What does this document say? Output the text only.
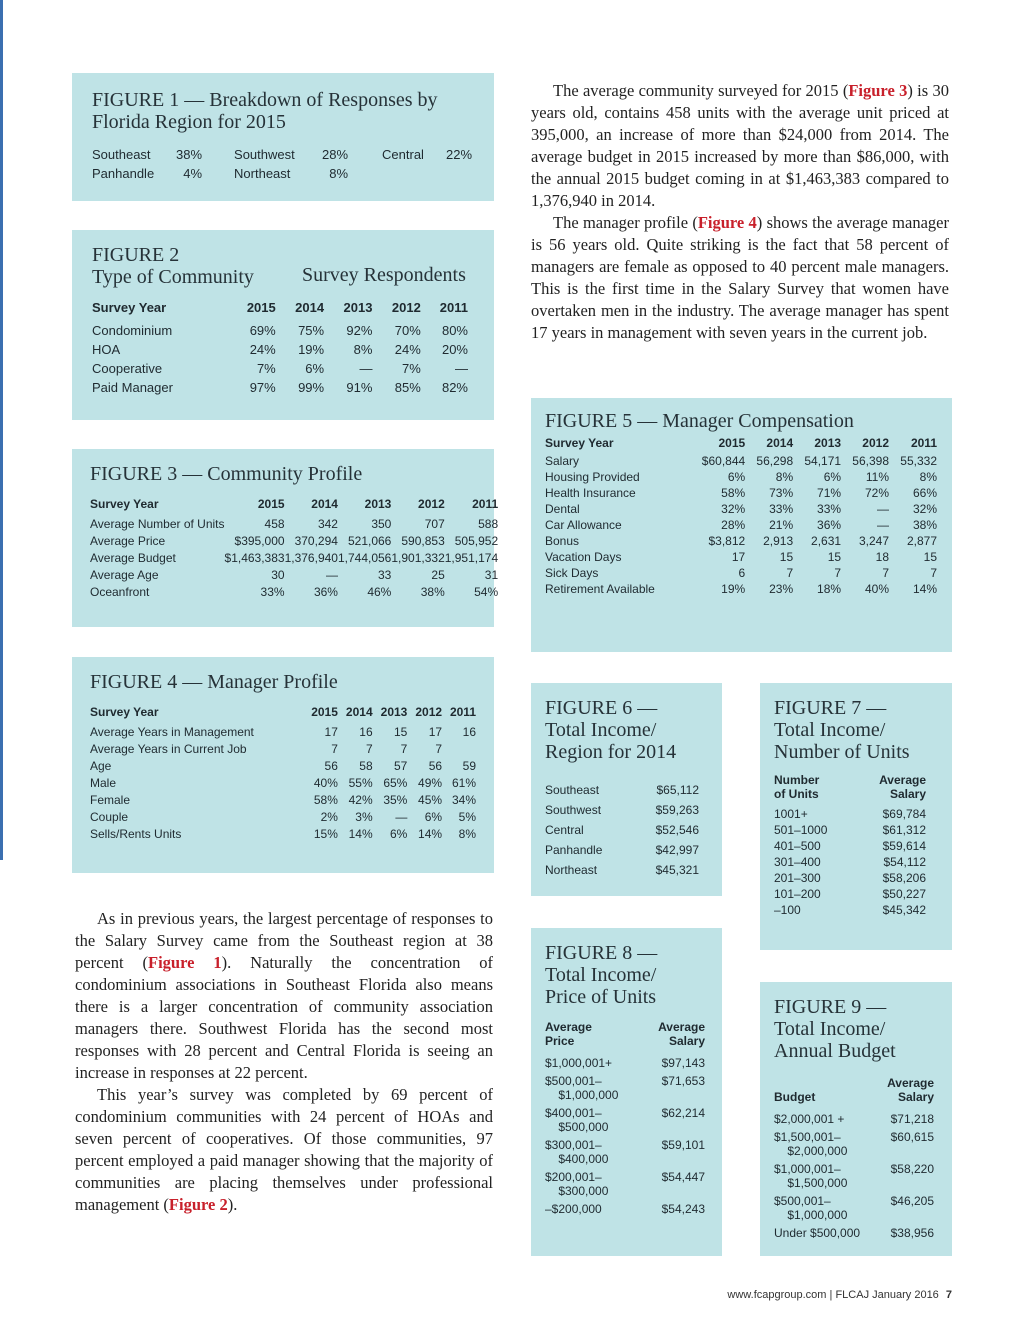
FIGURE 1 — Breakdown of Responses by
Florida Region for 2015
Southeast	38%		Southwest	28%		Central	22%
Panhandle	4%		Northeast	8%			
FIGURE 2
Type of Community Survey Respondents
Survey Year	2015	2014	2013	2012	2011
Condominium	69%	75%	92%	70%	80%
HOA	24%	19%	8%	24%	20%
Cooperative	7%	6%	—	7%	—
Paid Manager	97%	99%	91%	85%	82%
FIGURE 3 — Community Profile
Survey Year	2015	2014	2013	2012	2011
Average Number of Units	458	342	350	707	588
Average Price	$395,000	370,294	521,066	590,853	505,952
Average Budget	$1,463,383	1,376,940	1,744,056	1,901,332	1,951,174
Average Age	30	—	33	25	31
Oceanfront	33%	36%	46%	38%	54%
FIGURE 4 — Manager Profile
Survey Year	2015	2014	2013	2012	2011
Average Years in Management	17	16	15	17	16
Average Years in Current Job	7	7	7	7	
Age	56	58	57	56	59
Male	40%	55%	65%	49%	61%
Female	58%	42%	35%	45%	34%
Couple	2%	3%	—	6%	5%
Sells/Rents Units	15%	14%	6%	14%	8%

The average community surveyed for 2015 (Figure 3) is 30 years old, contains 458 units with the average unit priced at 395,000, an increase of more than $24,000 from 2014. The average budget in 2015 increased by more than $86,000, with the annual 2015 budget coming in at $1,463,383 compared to 1,376,940 in 2014.

The manager profile (Figure 4) shows the average manager is 56 years old. Quite striking is the fact that 58 percent of managers are female as opposed to 40 percent male managers. This is the first time in the Salary Survey that women have overtaken men in the industry. The average manager has spent 17 years in management with seven years in the current job.

FIGURE 5 — Manager Compensation
Survey Year	2015	2014	2013	2012	2011
Salary	$60,844	56,298	54,171	56,398	55,332
Housing Provided	6%	8%	6%	11%	8%
Health Insurance	58%	73%	71%	72%	66%
Dental	32%	33%	33%	—	32%
Car Allowance	28%	21%	36%	—	38%
Bonus	$3,812	2,913	2,631	3,247	2,877
Vacation Days	17	15	15	18	15
Sick Days	6	7	7	7	7
Retirement Available	19%	23%	18%	40%	14%
FIGURE 6 —
Total Income/
Region for 2014
Southeast	$65,112
Southwest	$59,263
Central	$52,546
Panhandle	$42,997
Northeast	$45,321
FIGURE 7 —
Total Income/
Number of Units
Number
of Units	Average
Salary
1001+	$69,784
501–1000	$61,312
401–500	$59,614
301–400	$54,112
201–300	$58,206
101–200	$50,227
–100	$45,342
FIGURE 8 —
Total Income/
Price of Units
Average
Price	Average
Salary
$1,000,001+	$97,143
$500,001–
$1,000,000	$71,653
$400,001–
$500,000	$62,214
$300,001–
$400,000	$59,101
$200,001–
$300,000	$54,447
–$200,000	$54,243
FIGURE 9 —
Total Income/
Annual Budget
Budget	Average Salary
$2,000,001 +	$71,218
$1,500,001–
$2,000,000	$60,615
$1,000,001–
$1,500,000	$58,220
$500,001–
$1,000,000	$46,205
Under $500,000	$38,956

As in previous years, the largest percentage of responses to the Salary Survey came from the Southeast region at 38 percent (Figure 1). Naturally the concentration of condominium associations in Southeast Florida also means there is a larger concentration of community association managers there. Southwest Florida has the second most responses with 28 percent and Central Florida is seeing an increase in responses at 22 percent.

This year’s survey was completed by 69 percent of condominium communities with 24 percent of HOAs and seven percent of cooperatives. Of those communities, 97 percent employed a paid manager showing that the majority of communities are placing themselves under professional management (Figure 2).

www.fcapgroup.com | FLCAJ January 2016 7
